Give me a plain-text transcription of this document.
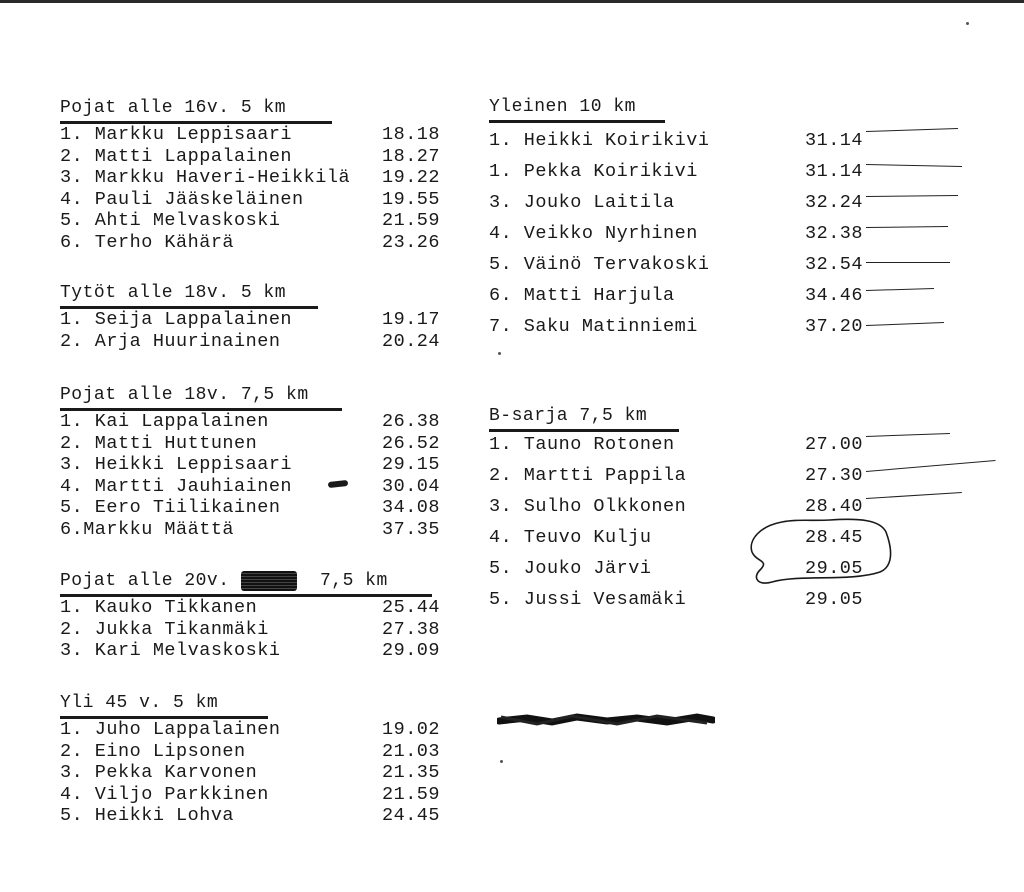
Pojat alle 16v. 5 km
1. Markku Leppisaari	18.18
2. Matti Lappalainen	18.27
3. Markku Haveri-Heikkilä 19.22
4. Pauli Jääskeläinen	19.55
5. Ahti Melvaskoski	21.59
6. Terho Kähärä	23.26
Tytöt alle 18v. 5 km
1. Seija Lappalainen	19.17
2. Arja Huurinainen	20.24
Pojat alle 18v. 7,5 km
1. Kai Lappalainen	26.38
2. Matti Huttunen	26.52
3. Heikki Leppisaari	29.15
4. Martti Jauhiainen	30.04
5. Eero Tiilikainen	34.08
6.Markku Määttä	37.35
Pojat alle 20v.	7,5 km
1. Kauko Tikkanen	25.44
2. Jukka Tikanmäki	27.38
3. Kari Melvaskoski	29.09
Yli 45 v. 5 km
1. Juho Lappalainen	19.02
2. Eino Lipsonen	21.03
3. Pekka Karvonen	21.35
4. Viljo Parkkinen	21.59
5. Heikki Lohva	24.45
Yleinen 10 km
1. Heikki Koirikivi	31.14
1. Pekka Koirikivi	31.14
3. Jouko Laitila	32.24
4. Veikko Nyrhinen	32.38
5. Väinö Tervakoski	32.54
6. Matti Harjula	34.46
7. Saku Matinniemi	37.20
B-sarja 7,5 km
1. Tauno Rotonen	27.00
2. Martti Pappila	27.30
3. Sulho Olkkonen	28.40
4. Teuvo Kulju	28.45
5. Jouko Järvi	29.05
5. Jussi Vesamäki	29.05
